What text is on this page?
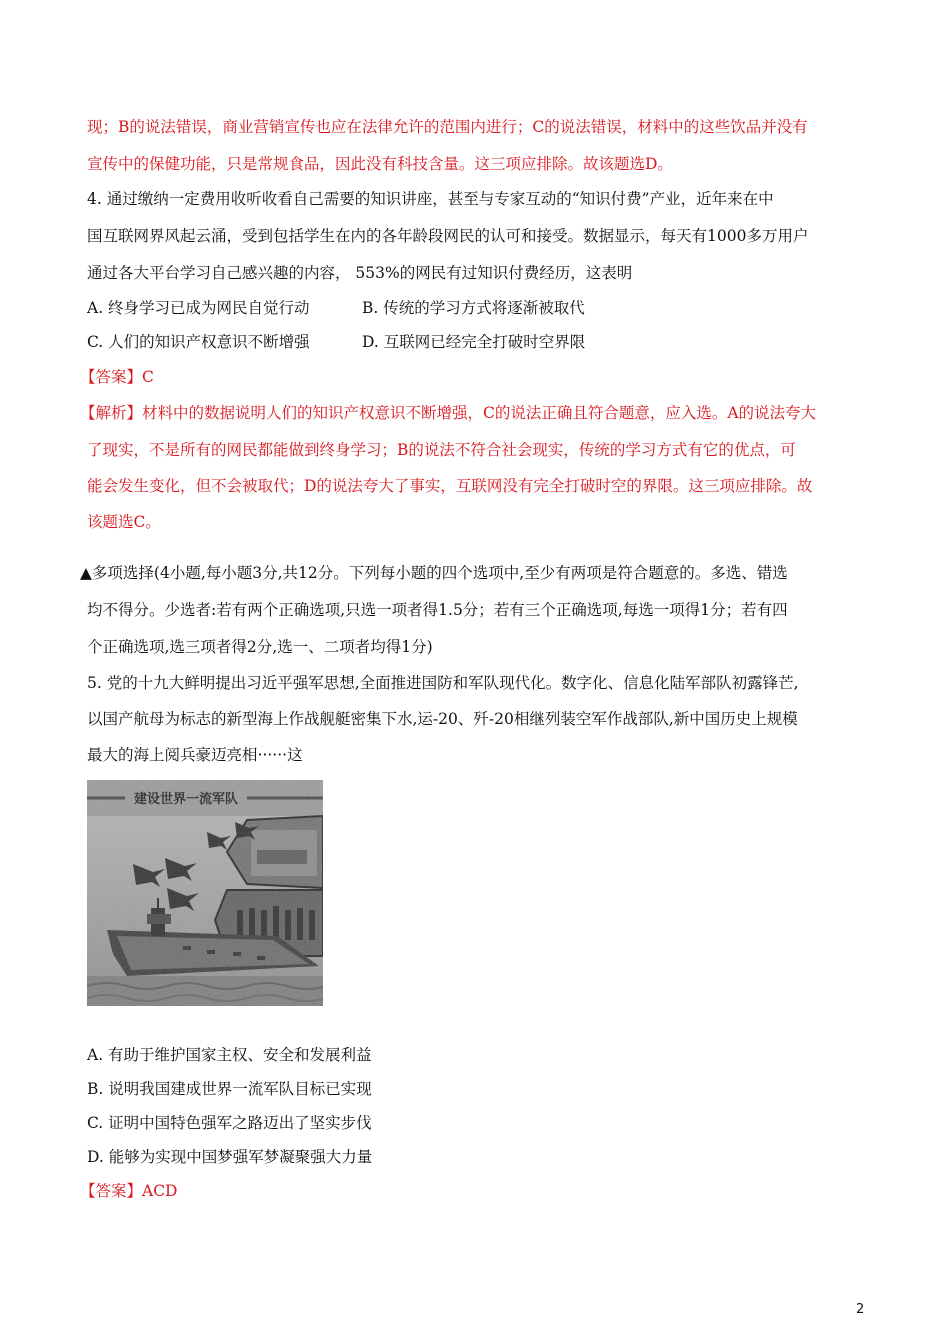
现；B的说法错误，商业营销宣传也应在法律允许的范围内进行；C的说法错误，材料中的这些饮品并没有
宣传中的保健功能，只是常规食品，因此没有科技含量。这三项应排除。故该题选D。
4. 通过缴纳一定费用收听收看自己需要的知识讲座，甚至与专家互动的“知识付费”产业，近年来在中
国互联网界风起云涌，受到包括学生在内的各年龄段网民的认可和接受。数据显示，每天有1000多万用户
通过各大平台学习自己感兴趣的内容， 553%的网民有过知识付费经历，这表明
A. 终身学习已成为网民自觉行动	B. 传统的学习方式将逐渐被取代
C. 人们的知识产权意识不断增强	D. 互联网已经完全打破时空界限
【答案】C
【解析】材料中的数据说明人们的知识产权意识不断增强，C的说法正确且符合题意，应入选。A的说法夸大
了现实，不是所有的网民都能做到终身学习；B的说法不符合社会现实，传统的学习方式有它的优点，可
能会发生变化，但不会被取代；D的说法夸大了事实，互联网没有完全打破时空的界限。这三项应排除。故
该题选C。
▲多项选择(4小题,每小题3分,共12分。下列每小题的四个选项中,至少有两项是符合题意的。多选、错选
均不得分。少选者:若有两个正确选项,只选一项者得1.5分；若有三个正确选项,每选一项得1分；若有四
个正确选项,选三项者得2分,选一、二项者均得1分)
5. 党的十九大鲜明提出习近平强军思想,全面推进国防和军队现代化。数字化、信息化陆军部队初露锋芒,
以国产航母为标志的新型海上作战舰艇密集下水,运-20、歼-20相继列装空军作战部队,新中国历史上规模
最大的海上阅兵豪迈亮相······这
A. 有助于维护国家主权、安全和发展利益
B. 说明我国建成世界一流军队目标已实现
C. 证明中国特色强军之路迈出了坚实步伐
D. 能够为实现中国梦强军梦凝聚强大力量
【答案】ACD
2
